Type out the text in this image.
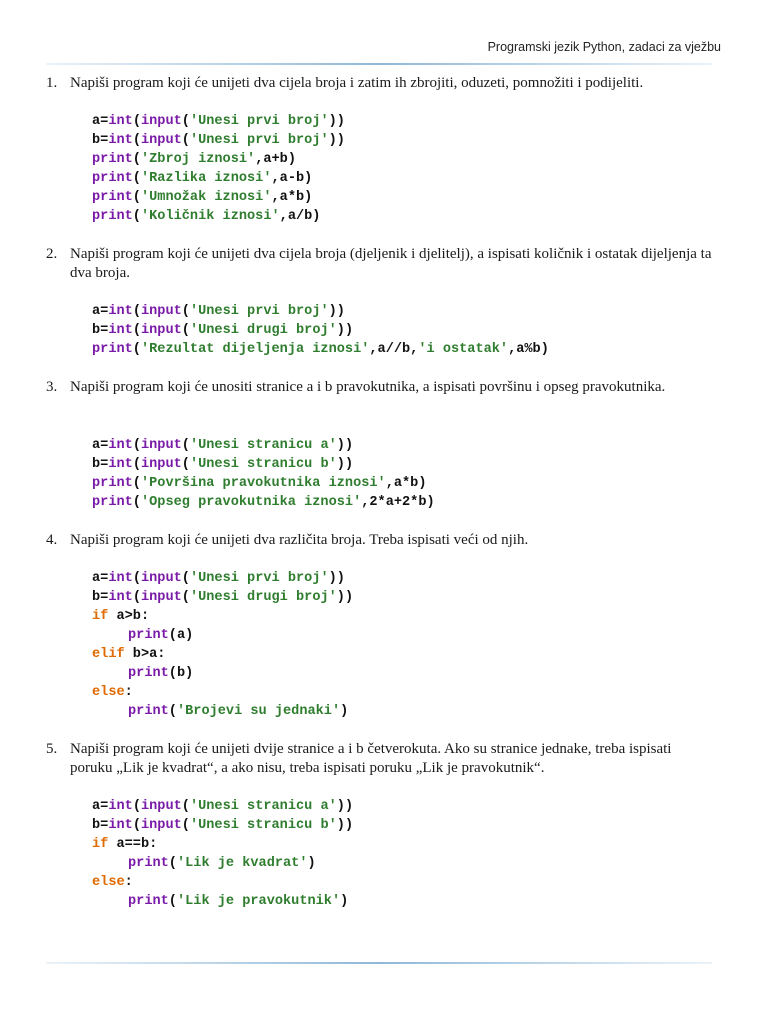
Programski jezik Python, zadaci za vježbu
1. Napiši program koji će unijeti dva cijela broja i zatim ih zbrojiti, oduzeti, pomnožiti i podijeliti.
a=int(input('Unesi prvi broj'))
b=int(input('Unesi prvi broj'))
print('Zbroj iznosi',a+b)
print('Razlika iznosi',a-b)
print('Umnožak iznosi',a*b)
print('Količnik iznosi',a/b)
2. Napiši program koji će unijeti dva cijela broja (djeljenik i djelitelj), a ispisati količnik i ostatak dijeljenja ta dva broja.
a=int(input('Unesi prvi broj'))
b=int(input('Unesi drugi broj'))
print('Rezultat dijeljenja iznosi',a//b,'i ostatak',a%b)
3. Napiši program koji će unositi stranice a i b pravokutnika, a ispisati površinu i opseg pravokutnika.
a=int(input('Unesi stranicu a'))
b=int(input('Unesi stranicu b'))
print('Površina pravokutnika iznosi',a*b)
print('Opseg pravokutnika iznosi',2*a+2*b)
4. Napiši program koji će unijeti dva različita broja. Treba ispisati veći od njih.
a=int(input('Unesi prvi broj'))
b=int(input('Unesi drugi broj'))
if a>b:
print(a)
elif b>a:
print(b)
else:
print('Brojevi su jednaki')
5. Napiši program koji će unijeti dvije stranice a i b četverokuta. Ako su stranice jednake, treba ispisati poruku „Lik je kvadrat“, a ako nisu, treba ispisati poruku „Lik je pravokutnik“.
a=int(input('Unesi stranicu a'))
b=int(input('Unesi stranicu b'))
if a==b:
print('Lik je kvadrat')
else:
print('Lik je pravokutnik')
